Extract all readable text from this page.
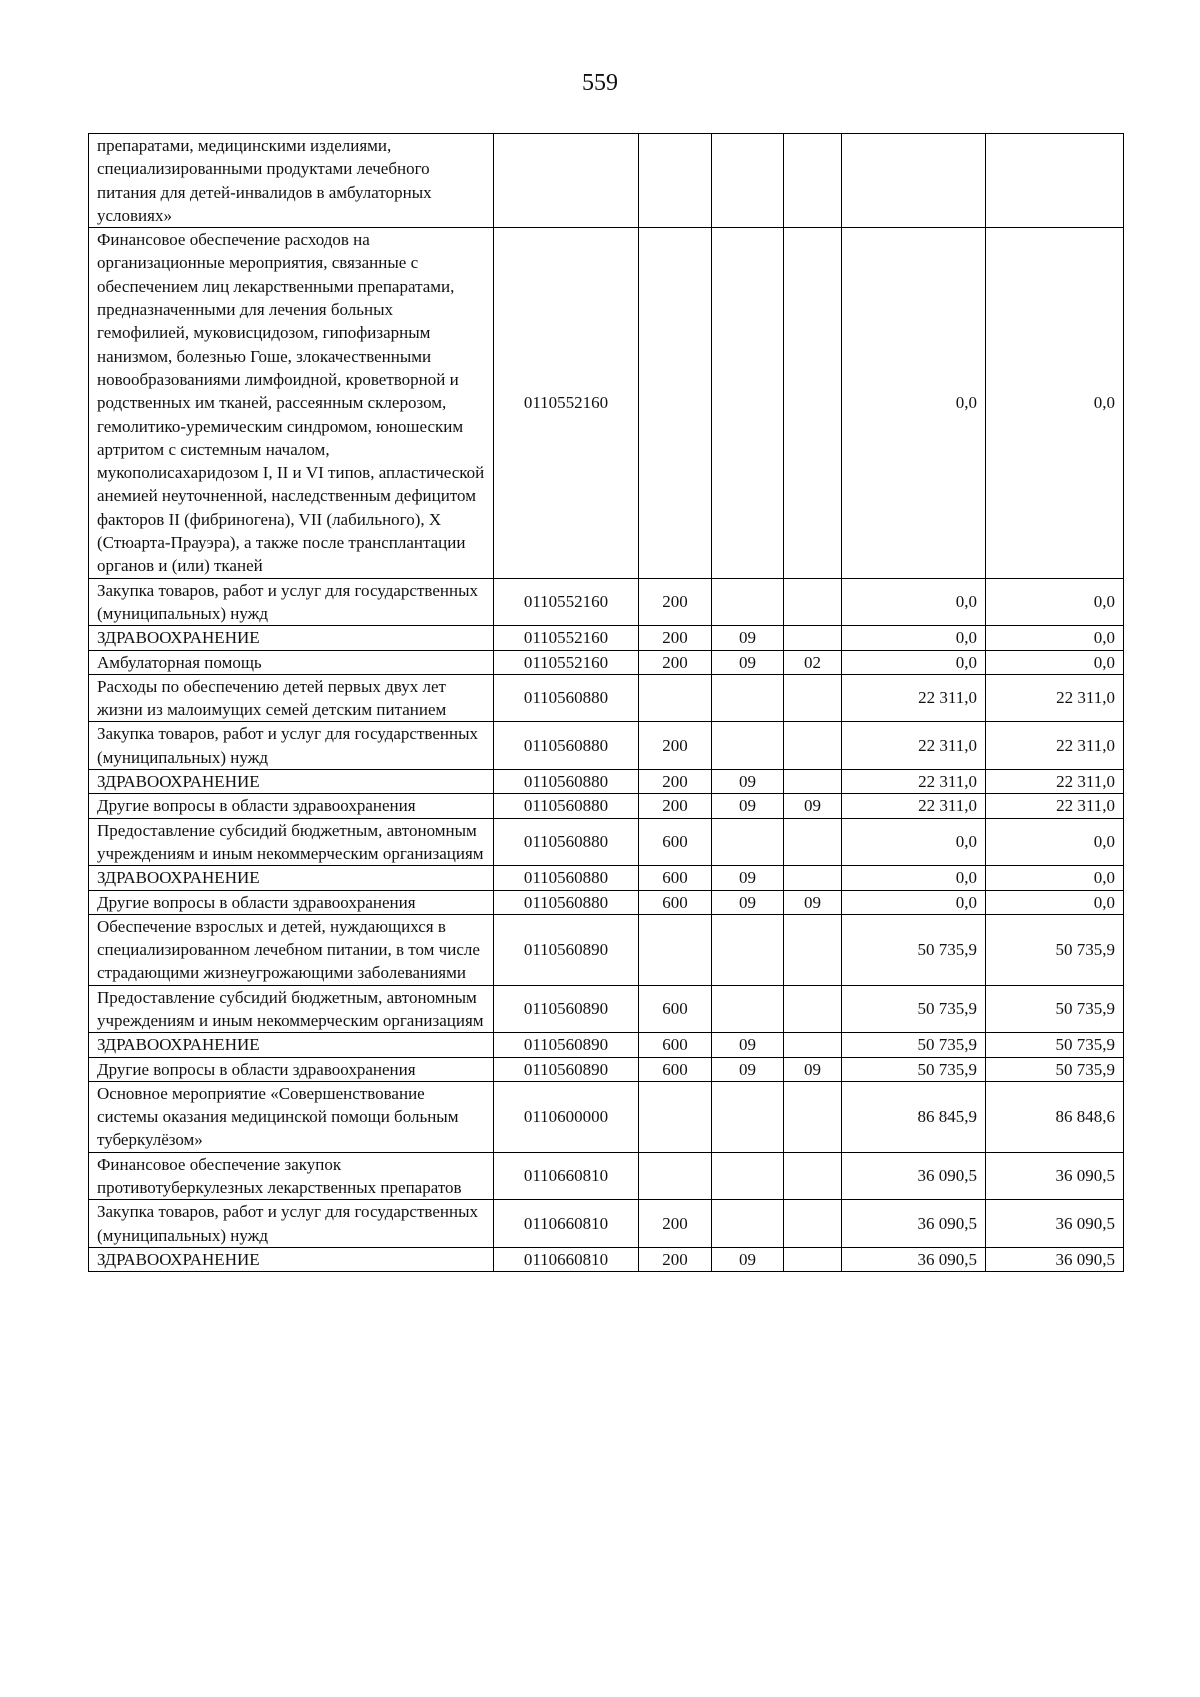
559
препаратами, медицинскими изделиями, специализированными продуктами лечебного питания для детей-инвалидов в амбулаторных условиях»						
Финансовое обеспечение расходов на организационные мероприятия, связанные с обеспечением лиц лекарственными препаратами, предназначенными для лечения больных гемофилией, муковисцидозом, гипофизарным нанизмом, болезнью Гоше, злокачественными новообразованиями лимфоидной, кроветворной и родственных им тканей, рассеянным склерозом, гемолитико-уремическим синдромом, юношеским артритом с системным началом, мукополисахаридозом I, II и VI типов, апластической анемией неуточненной, наследственным дефицитом факторов II (фибриногена), VII (лабильного), X (Стюарта-Прауэра), а также после трансплантации органов и (или) тканей	0110552160				0,0	0,0
Закупка товаров, работ и услуг для государственных (муниципальных) нужд	0110552160	200			0,0	0,0
ЗДРАВООХРАНЕНИЕ	0110552160	200	09		0,0	0,0
Амбулаторная помощь	0110552160	200	09	02	0,0	0,0
Расходы по обеспечению детей первых двух лет жизни из малоимущих семей детским питанием	0110560880				22 311,0	22 311,0
Закупка товаров, работ и услуг для государственных (муниципальных) нужд	0110560880	200			22 311,0	22 311,0
ЗДРАВООХРАНЕНИЕ	0110560880	200	09		22 311,0	22 311,0
Другие вопросы в области здравоохранения	0110560880	200	09	09	22 311,0	22 311,0
Предоставление субсидий бюджетным, автономным учреждениям и иным некоммерческим организациям	0110560880	600			0,0	0,0
ЗДРАВООХРАНЕНИЕ	0110560880	600	09		0,0	0,0
Другие вопросы в области здравоохранения	0110560880	600	09	09	0,0	0,0
Обеспечение взрослых и детей, нуждающихся в специализированном лечебном питании, в том числе страдающими жизнеугрожающими заболеваниями	0110560890				50 735,9	50 735,9
Предоставление субсидий бюджетным, автономным учреждениям и иным некоммерческим организациям	0110560890	600			50 735,9	50 735,9
ЗДРАВООХРАНЕНИЕ	0110560890	600	09		50 735,9	50 735,9
Другие вопросы в области здравоохранения	0110560890	600	09	09	50 735,9	50 735,9
Основное мероприятие «Совершенствование системы оказания медицинской помощи больным туберкулёзом»	0110600000				86 845,9	86 848,6
Финансовое обеспечение закупок противотуберкулезных лекарственных препаратов	0110660810				36 090,5	36 090,5
Закупка товаров, работ и услуг для государственных (муниципальных) нужд	0110660810	200			36 090,5	36 090,5
ЗДРАВООХРАНЕНИЕ	0110660810	200	09		36 090,5	36 090,5
